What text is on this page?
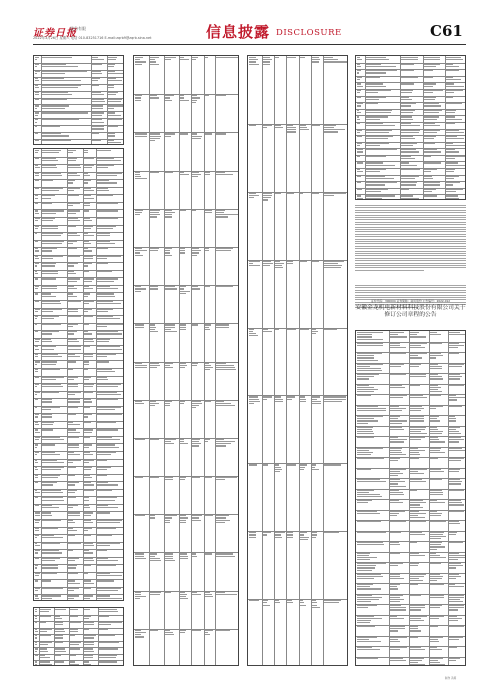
证券日报
股份有限
2022年3月26日 星期六 电话 010-83251716 E-mail:zqrb9@zqrb.sina.net	信息披露 DISCLOSURE	C61
证券代码：300004 证券简称：南风股份 公告编号：2022-012
安徽金龙机电新材料科技股份有限公司关于修订公司章程的公告
制作 冯婷
